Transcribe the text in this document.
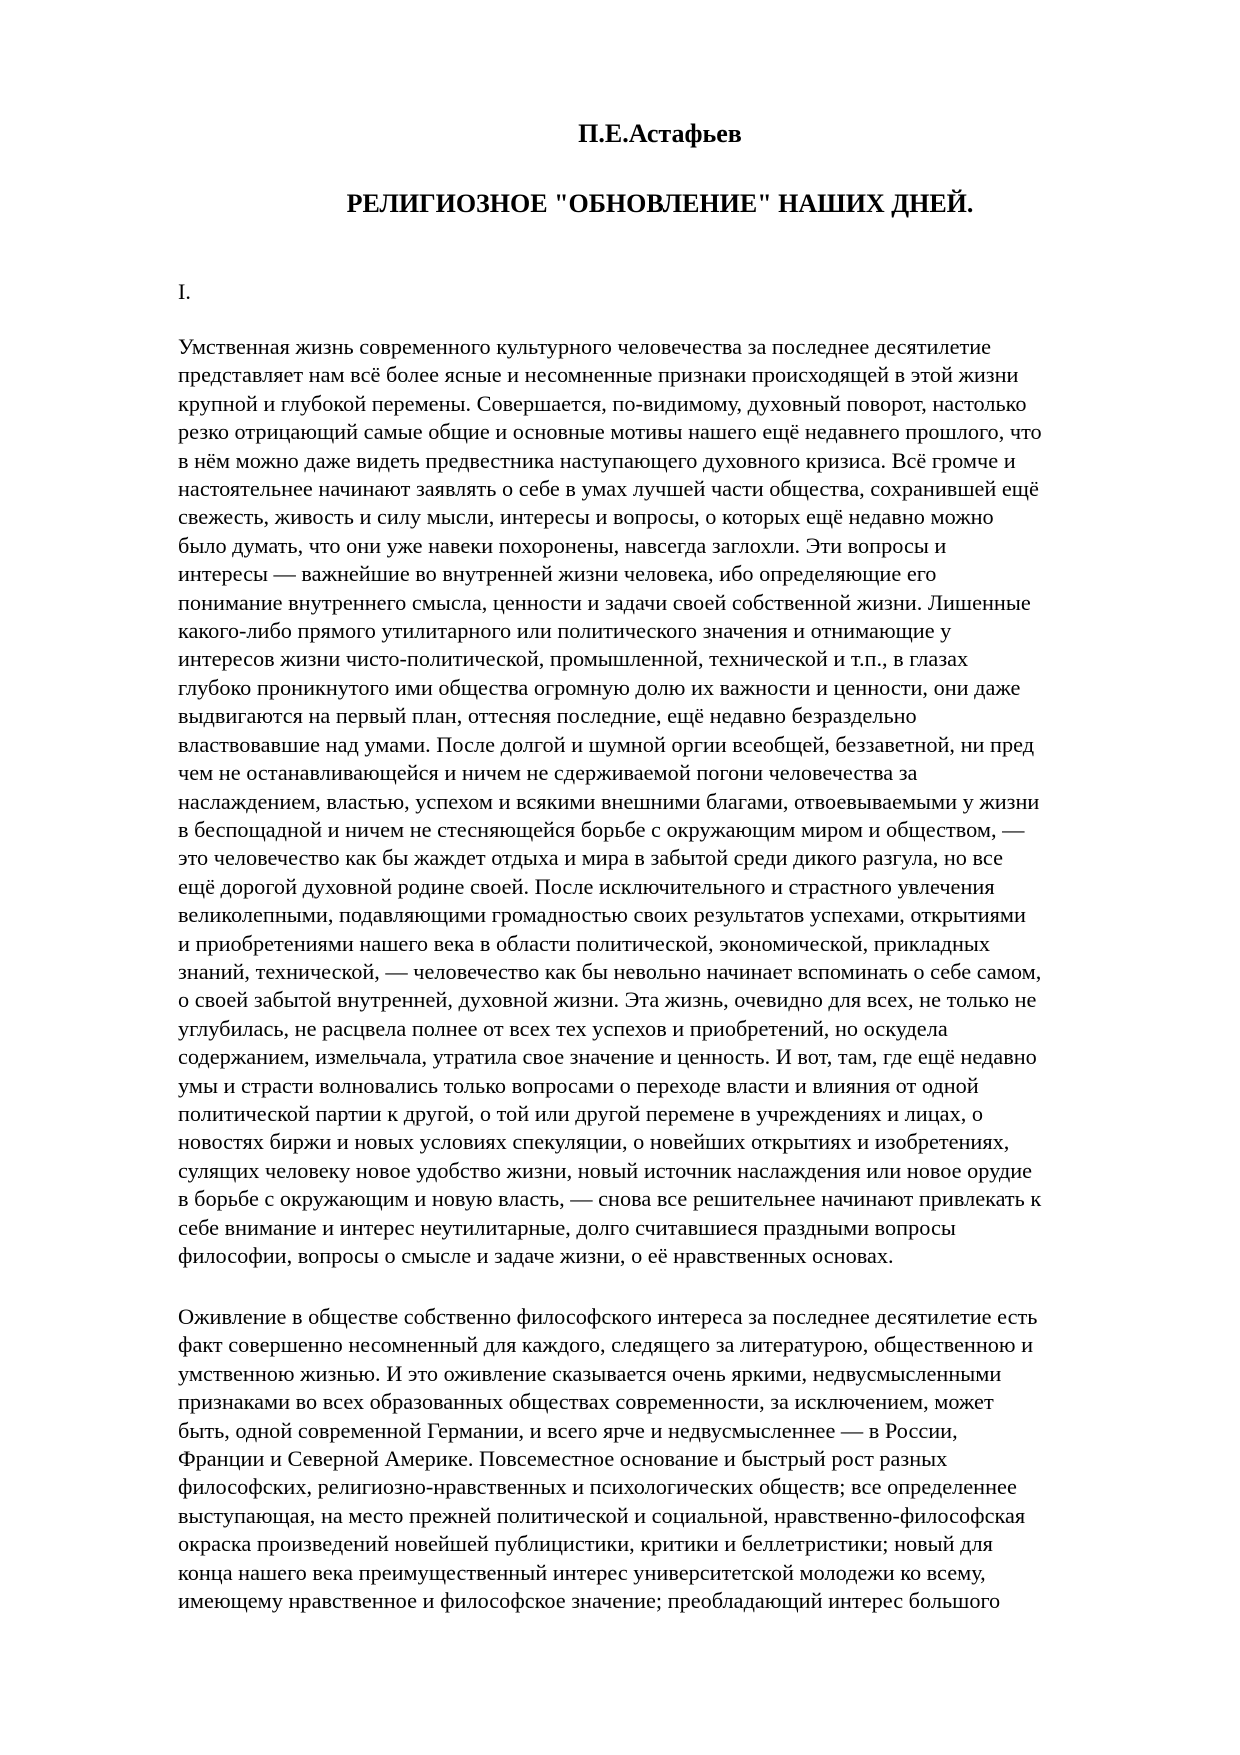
П.Е.Астафьев
РЕЛИГИОЗНОЕ "ОБНОВЛЕНИЕ" НАШИХ ДНЕЙ.
I.
Умственная жизнь современного культурного человечества за последнее десятилетие
представляет нам всё более ясные и несомненные признаки происходящей в этой жизни
крупной и глубокой перемены. Совершается, по-видимому, духовный поворот, настолько
резко отрицающий самые общие и основные мотивы нашего ещё недавнего прошлого, что
в нём можно даже видеть предвестника наступающего духовного кризиса. Всё громче и
настоятельнее начинают заявлять о себе в умах лучшей части общества, сохранившей ещё
свежесть, живость и силу мысли, интересы и вопросы, о которых ещё недавно можно
было думать, что они уже навеки похоронены, навсегда заглохли. Эти вопросы и
интересы — важнейшие во внутренней жизни человека, ибо определяющие его
понимание внутреннего смысла, ценности и задачи своей собственной жизни. Лишенные
какого-либо прямого утилитарного или политического значения и отнимающие у
интересов жизни чисто-политической, промышленной, технической и т.п., в глазах
глубоко проникнутого ими общества огромную долю их важности и ценности, они даже
выдвигаются на первый план, оттесняя последние, ещё недавно безраздельно
властвовавшие над умами. После долгой и шумной оргии всеобщей, беззаветной, ни пред
чем не останавливающейся и ничем не сдерживаемой погони человечества за
наслаждением, властью, успехом и всякими внешними благами, отвоевываемыми у жизни
в беспощадной и ничем не стесняющейся борьбе с окружающим миром и обществом, —
это человечество как бы жаждет отдыха и мира в забытой среди дикого разгула, но все
ещё дорогой духовной родине своей. После исключительного и страстного увлечения
великолепными, подавляющими громадностью своих результатов успехами, открытиями
и приобретениями нашего века в области политической, экономической, прикладных
знаний, технической, — человечество как бы невольно начинает вспоминать о себе самом,
о своей забытой внутренней, духовной жизни. Эта жизнь, очевидно для всех, не только не
углубилась, не расцвела полнее от всех тех успехов и приобретений, но оскудела
содержанием, измельчала, утратила свое значение и ценность. И вот, там, где ещё недавно
умы и страсти волновались только вопросами о переходе власти и влияния от одной
политической партии к другой, о той или другой перемене в учреждениях и лицах, о
новостях биржи и новых условиях спекуляции, о новейших открытиях и изобретениях,
сулящих человеку новое удобство жизни, новый источник наслаждения или новое орудие
в борьбе с окружающим и новую власть, — снова все решительнее начинают привлекать к
себе внимание и интерес неутилитарные, долго считавшиеся праздными вопросы
философии, вопросы о смысле и задаче жизни, о её нравственных основах.
Оживление в обществе собственно философского интереса за последнее десятилетие есть
факт совершенно несомненный для каждого, следящего за литературою, общественною и
умственною жизнью. И это оживление сказывается очень яркими, недвусмысленными
признаками во всех образованных обществах современности, за исключением, может
быть, одной современной Германии, и всего ярче и недвусмысленнее — в России,
Франции и Северной Америке. Повсеместное основание и быстрый рост разных
философских, религиозно-нравственных и психологических обществ; все определеннее
выступающая, на место прежней политической и социальной, нравственно-философская
окраска произведений новейшей публицистики, критики и беллетристики; новый для
конца нашего века преимущественный интерес университетской молодежи ко всему,
имеющему нравственное и философское значение; преобладающий интерес большого
